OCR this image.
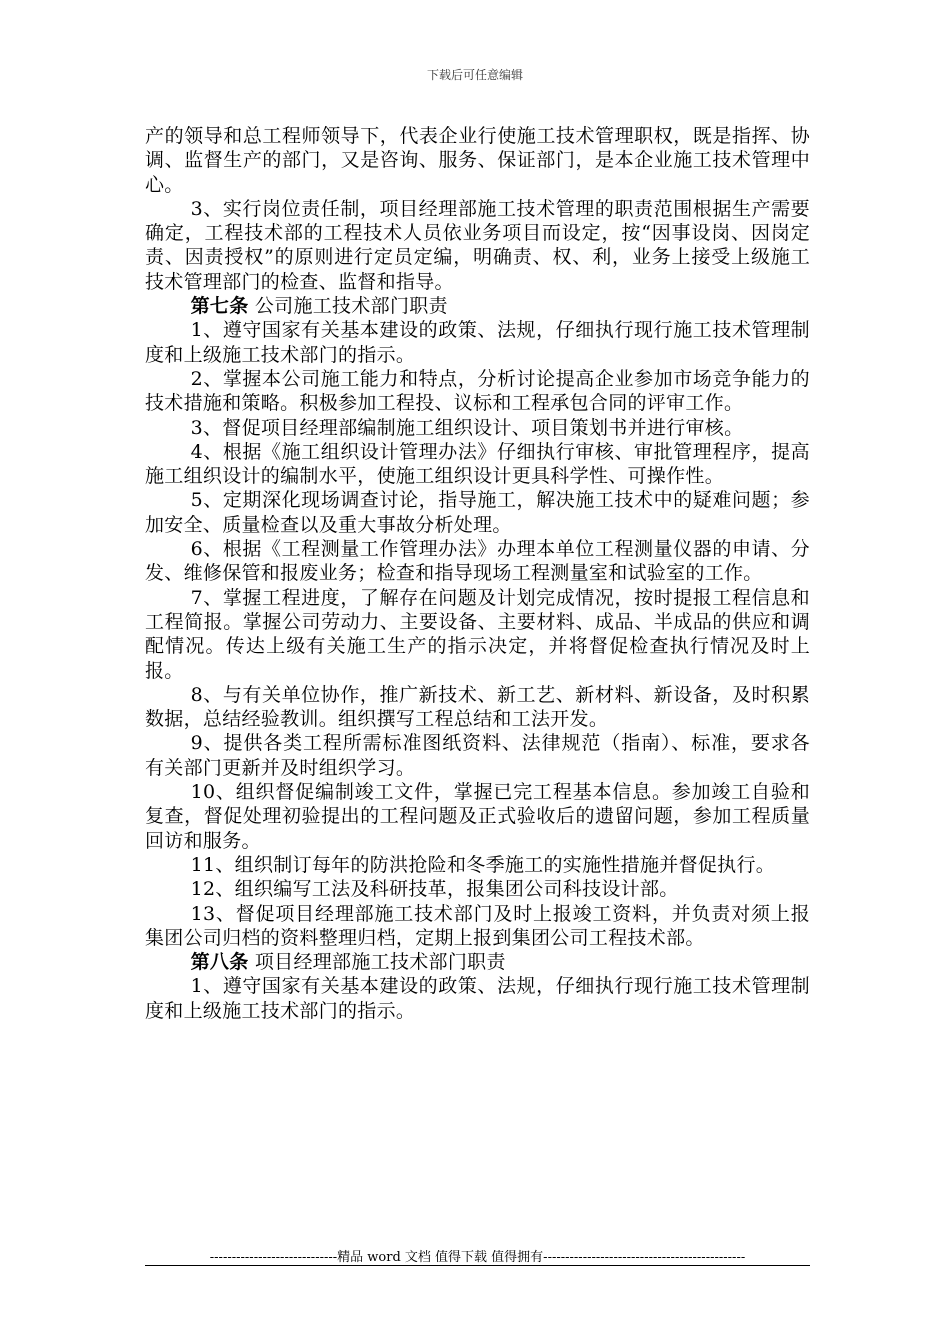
下载后可任意编辑

产的领导和总工程师领导下，代表企业行使施工技术管理职权，既是指挥、协调、监督生产的部门，又是咨询、服务、保证部门，是本企业施工技术管理中心。

3、实行岗位责任制，项目经理部施工技术管理的职责范围根据生产需要确定，工程技术部的工程技术人员依业务项目而设定，按“因事设岗、因岗定责、因责授权”的原则进行定员定编，明确责、权、利，业务上接受上级施工技术管理部门的检查、监督和指导。

第七条 公司施工技术部门职责

1、遵守国家有关基本建设的政策、法规，仔细执行现行施工技术管理制度和上级施工技术部门的指示。

2、掌握本公司施工能力和特点，分析讨论提高企业参加市场竞争能力的技术措施和策略。积极参加工程投、议标和工程承包合同的评审工作。

3、督促项目经理部编制施工组织设计、项目策划书并进行审核。

4、根据《施工组织设计管理办法》仔细执行审核、审批管理程序，提高施工组织设计的编制水平，使施工组织设计更具科学性、可操作性。

5、定期深化现场调查讨论，指导施工，解决施工技术中的疑难问题；参加安全、质量检查以及重大事故分析处理。

6、根据《工程测量工作管理办法》办理本单位工程测量仪器的申请、分发、维修保管和报废业务；检查和指导现场工程测量室和试验室的工作。

7、掌握工程进度，了解存在问题及计划完成情况，按时提报工程信息和工程简报。掌握公司劳动力、主要设备、主要材料、成品、半成品的供应和调配情况。传达上级有关施工生产的指示决定，并将督促检查执行情况及时上报。

8、与有关单位协作，推广新技术、新工艺、新材料、新设备，及时积累数据，总结经验教训。组织撰写工程总结和工法开发。

9、提供各类工程所需标准图纸资料、法律规范（指南）、标准，要求各有关部门更新并及时组织学习。

10、组织督促编制竣工文件，掌握已完工程基本信息。参加竣工自验和复查，督促处理初验提出的工程问题及正式验收后的遗留问题，参加工程质量回访和服务。

11、组织制订每年的防洪抢险和冬季施工的实施性措施并督促执行。

12、组织编写工法及科研技革，报集团公司科技设计部。

13、督促项目经理部施工技术部门及时上报竣工资料，并负责对须上报集团公司归档的资料整理归档，定期上报到集团公司工程技术部。

第八条 项目经理部施工技术部门职责

1、遵守国家有关基本建设的政策、法规，仔细执行现行施工技术管理制度和上级施工技术部门的指示。

-----------------------------精品 word 文档 值得下载 值得拥有----------------------------------------------
